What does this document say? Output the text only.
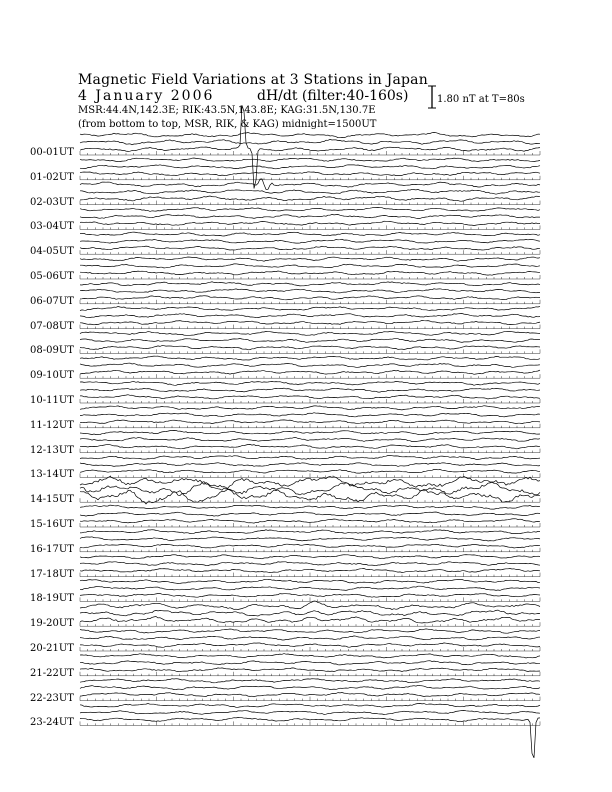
Magnetic Field Variations at 3 Stations in Japan
4 January 2006	dH/dt (filter:40-160s)
MSR:44.4N,142.3E; RIK:43.5N,143.8E; KAG:31.5N,130.7E
(from bottom to top, MSR, RIK, & KAG) midnight=1500UT
1.80 nT at T=80s
00-01UT
01-02UT
02-03UT
03-04UT
04-05UT
05-06UT
06-07UT
07-08UT
08-09UT
09-10UT
10-11UT
11-12UT
12-13UT
13-14UT
14-15UT
15-16UT
16-17UT
17-18UT
18-19UT
19-20UT
20-21UT
21-22UT
22-23UT
23-24UT
